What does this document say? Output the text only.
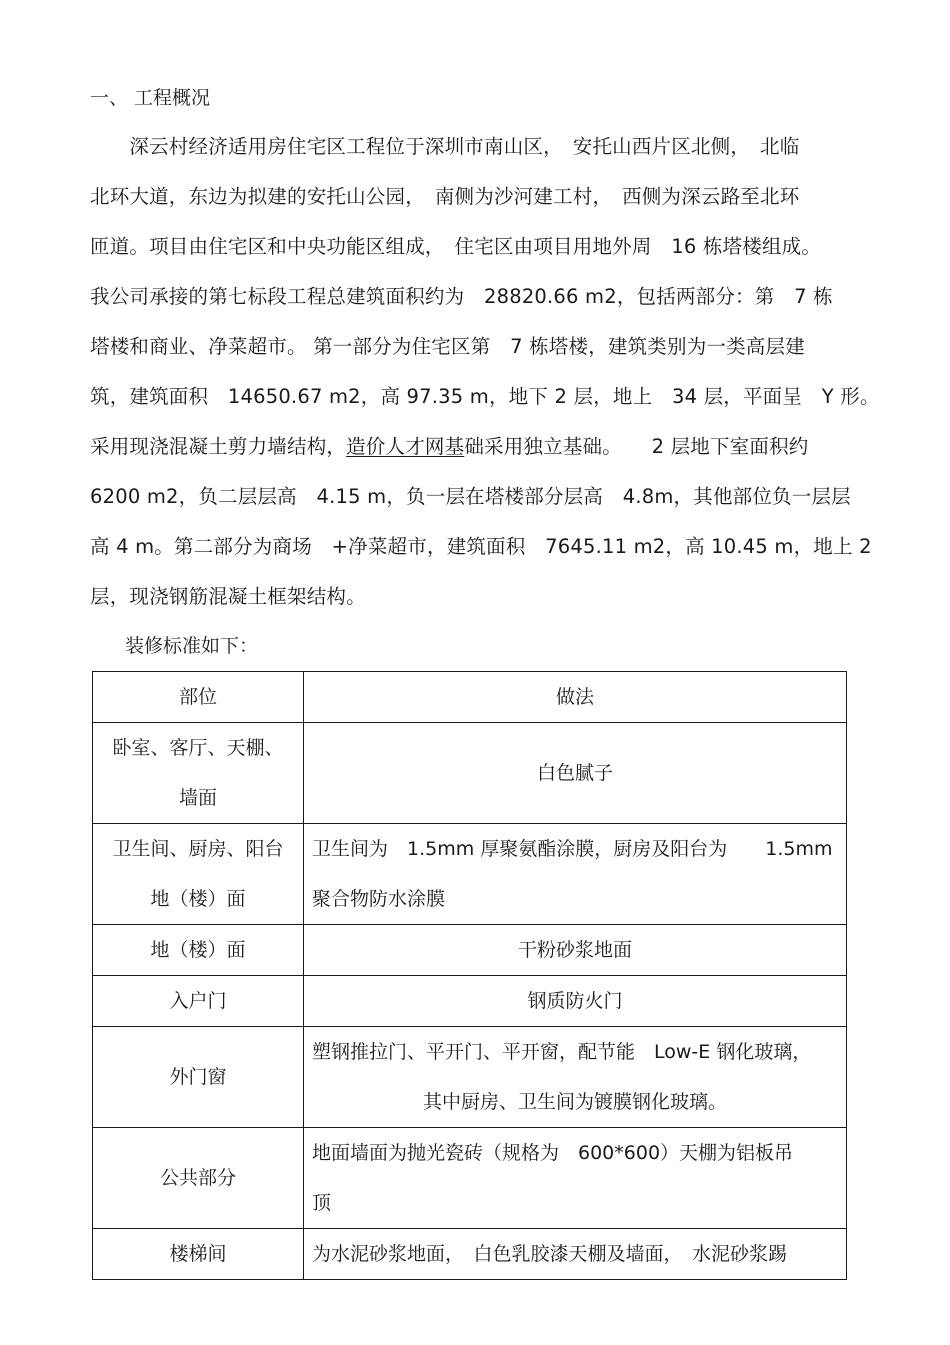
一、 工程概况
　　深云村经济适用房住宅区工程位于深圳市南山区，　安托山西片区北侧，　北临
北环大道，东边为拟建的安托山公园，　南侧为沙河建工村，　西侧为深云路至北环
匝道。项目由住宅区和中央功能区组成，　住宅区由项目用地外周　16 栋塔楼组成。
我公司承接的第七标段工程总建筑面积约为　28820.66 m2，包括两部分：第　7 栋
塔楼和商业、净菜超市。 第一部分为住宅区第　7 栋塔楼，建筑类别为一类高层建
筑，建筑面积　14650.67 m2，高 97.35 m，地下 2 层，地上　34 层，平面呈　Y 形。
采用现浇混凝土剪力墙结构，造价人才网基础采用独立基础。　　2 层地下室面积约
6200 m2，负二层层高　4.15 m，负一层在塔楼部分层高　4.8m，其他部位负一层层
高 4 m。第二部分为商场　+净菜超市，建筑面积　7645.11 m2，高 10.45 m，地上 2
层，现浇钢筋混凝土框架结构。
装修标准如下：
部位	做法

卧室、客厅、天棚、
墙面	白色腻子

卫生间、厨房、阳台
地（楼）面	卫生间为　1.5mm 厚聚氨酯涂膜，厨房及阳台为　　1.5mm
聚合物防水涂膜

地（楼）面	干粉砂浆地面
入户门	钢质防火门
外门窗	塑钢推拉门、平开门、平开窗，配节能　Low-E 钢化玻璃，
其中厨房、卫生间为镀膜钢化玻璃。

公共部分	地面墙面为抛光瓷砖（规格为　600*600）天棚为铝板吊
顶

楼梯间	为水泥砂浆地面，　白色乳胶漆天棚及墙面，　水泥砂浆踢
